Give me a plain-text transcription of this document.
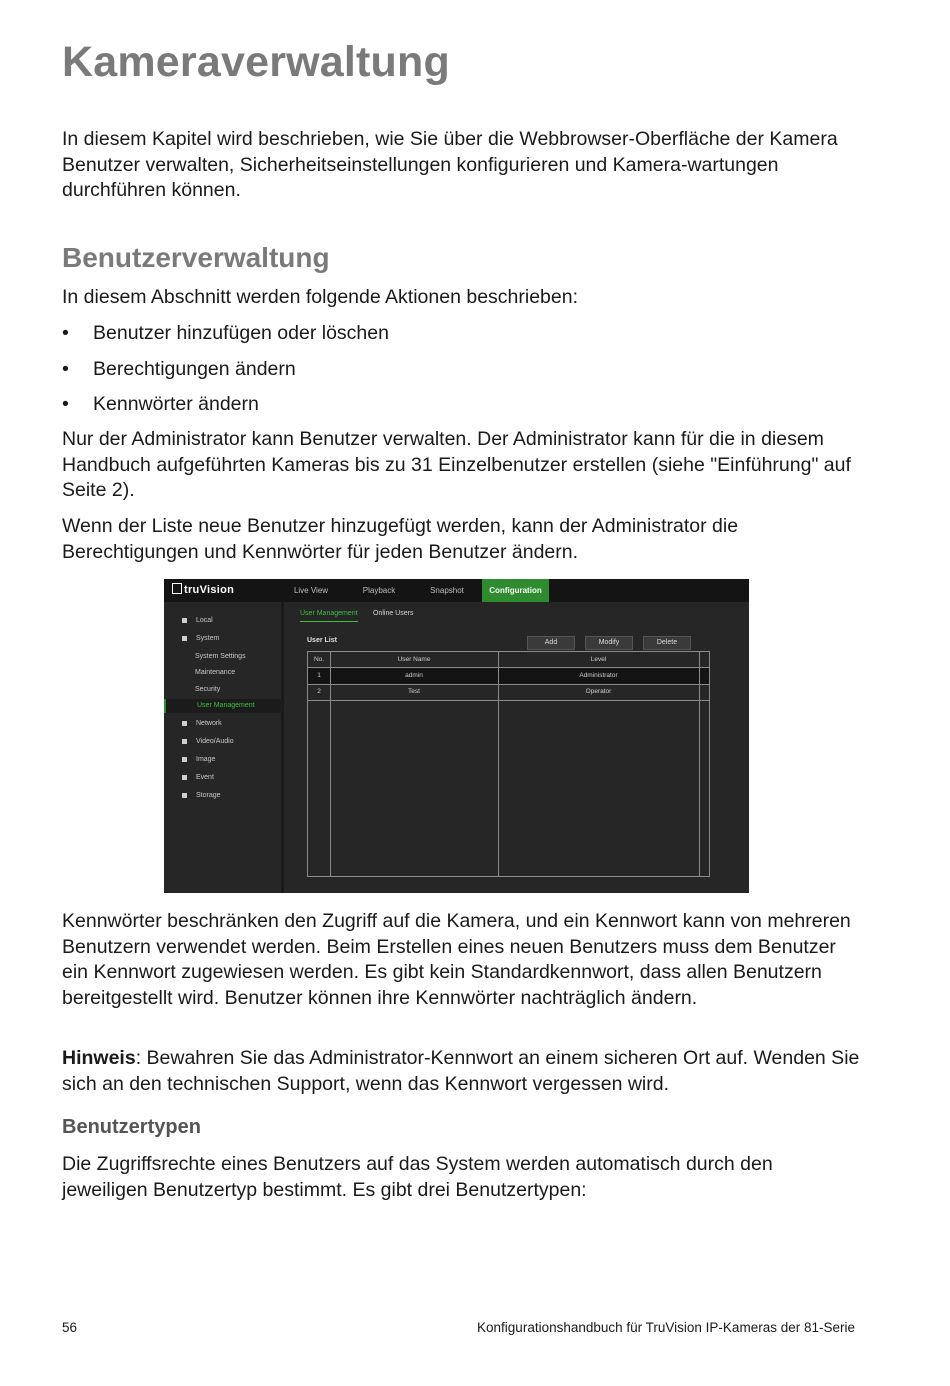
Kameraverwaltung

In diesem Kapitel wird beschrieben, wie Sie über die Webbrowser-Oberfläche der Kamera Benutzer verwalten, Sicherheitseinstellungen konfigurieren und Kamera-wartungen durchführen können.

Benutzerverwaltung

In diesem Abschnitt werden folgende Aktionen beschrieben:

• Benutzer hinzufügen oder löschen
• Berechtigungen ändern
• Kennwörter ändern

Nur der Administrator kann Benutzer verwalten. Der Administrator kann für die in diesem Handbuch aufgeführten Kameras bis zu 31 Einzelbenutzer erstellen (siehe "Einführung" auf Seite 2).

Wenn der Liste neue Benutzer hinzugefügt werden, kann der Administrator die Berechtigungen und Kennwörter für jeden Benutzer ändern.

truVision	Live View	Playback	Snapshot	Configuration
Local
System
System Settings
Maintenance
Security
User Management
Network
Video/Audio
Image
Event
Storage
User Management Online Users
User List	Add	Modify	Delete
No.	User Name	Level
1	admin	Administrator
2	Test	Operator

Kennwörter beschränken den Zugriff auf die Kamera, und ein Kennwort kann von mehreren Benutzern verwendet werden. Beim Erstellen eines neuen Benutzers muss dem Benutzer ein Kennwort zugewiesen werden. Es gibt kein Standardkennwort, dass allen Benutzern bereitgestellt wird. Benutzer können ihre Kennwörter nachträglich ändern.

Hinweis: Bewahren Sie das Administrator-Kennwort an einem sicheren Ort auf. Wenden Sie sich an den technischen Support, wenn das Kennwort vergessen wird.

Benutzertypen

Die Zugriffsrechte eines Benutzers auf das System werden automatisch durch den jeweiligen Benutzertyp bestimmt. Es gibt drei Benutzertypen:

56	Konfigurationshandbuch für TruVision IP-Kameras der 81-Serie
